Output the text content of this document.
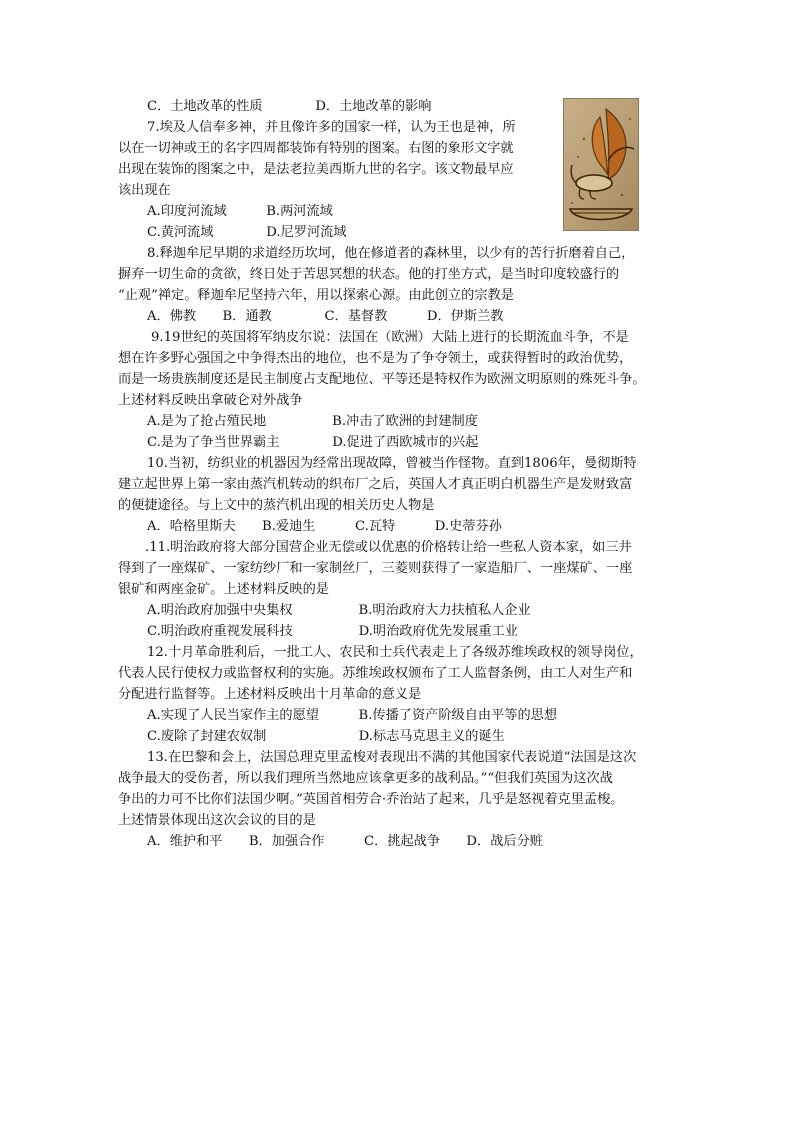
C．土地改革的性质　　　　D．土地改革的影响
7.埃及人信奉多神，并且像许多的国家一样，认为王也是神，所
以在一切神或王的名字四周都装饰有特别的图案。右图的象形文字就
出现在装饰的图案之中，是法老拉美西斯九世的名字。该文物最早应
该出现在
A.印度河流域　　　B.两河流域
C.黄河流域　　　　D.尼罗河流域
8.释迦牟尼早期的求道经历坎坷，他在修道者的森林里，以少有的苦行折磨着自己，
摒弃一切生命的贪欲，终日处于苦思冥想的状态。他的打坐方式，是当时印度较盛行的
“止观”禅定。释迦牟尼坚持六年，用以探索心源。由此创立的宗教是
A．佛教　　B．通教　　　　C．基督教　　　D．伊斯兰教
9.19世纪的英国将军纳皮尔说：法国在（欧洲）大陆上进行的长期流血斗争，不是
想在许多野心强国之中争得杰出的地位，也不是为了争夺领土，或获得暂时的政治优势，
而是一场贵族制度还是民主制度占支配地位、平等还是特权作为欧洲文明原则的殊死斗争。
上述材料反映出拿破仑对外战争
A.是为了抢占殖民地　　　　　B.冲击了欧洲的封建制度
C.是为了争当世界霸主　　　　D.促进了西欧城市的兴起
10.当初，纺织业的机器因为经常出现故障，曾被当作怪物。直到1806年，曼彻斯特
建立起世界上第一家由蒸汽机转动的织布厂之后，英国人才真正明白机器生产是发财致富
的便捷途径。与上文中的蒸汽机出现的相关历史人物是
A．哈格里斯夫　　B.爱迪生　　　C.瓦特　　　D.史蒂芬孙
.11.明治政府将大部分国营企业无偿或以优惠的价格转让给一些私人资本家，如三井
得到了一座煤矿、一家纺纱厂和一家制丝厂，三菱则获得了一家造船厂、一座煤矿、一座
银矿和两座金矿。上述材料反映的是
A.明治政府加强中央集权　　　　　B.明治政府大力扶植私人企业
C.明治政府重视发展科技　　　　　D.明治政府优先发展重工业
12.十月革命胜利后，一批工人、农民和士兵代表走上了各级苏维埃政权的领导岗位，
代表人民行使权力或监督权利的实施。苏维埃政权颁布了工人监督条例，由工人对生产和
分配进行监督等。上述材料反映出十月革命的意义是
A.实现了人民当家作主的愿望　　　B.传播了资产阶级自由平等的思想
C.废除了封建农奴制　　　　　　　D.标志马克思主义的诞生
13.在巴黎和会上，法国总理克里孟梭对表现出不满的其他国家代表说道“法国是这次
战争最大的受伤者，所以我们理所当然地应该拿更多的战利品。”“但我们英国为这次战
争出的力可不比你们法国少啊。”英国首相劳合·乔治站了起来，几乎是怒视着克里孟梭。
上述情景体现出这次会议的目的是
A．维护和平　　B．加强合作　　　C．挑起战争　　D．战后分赃
